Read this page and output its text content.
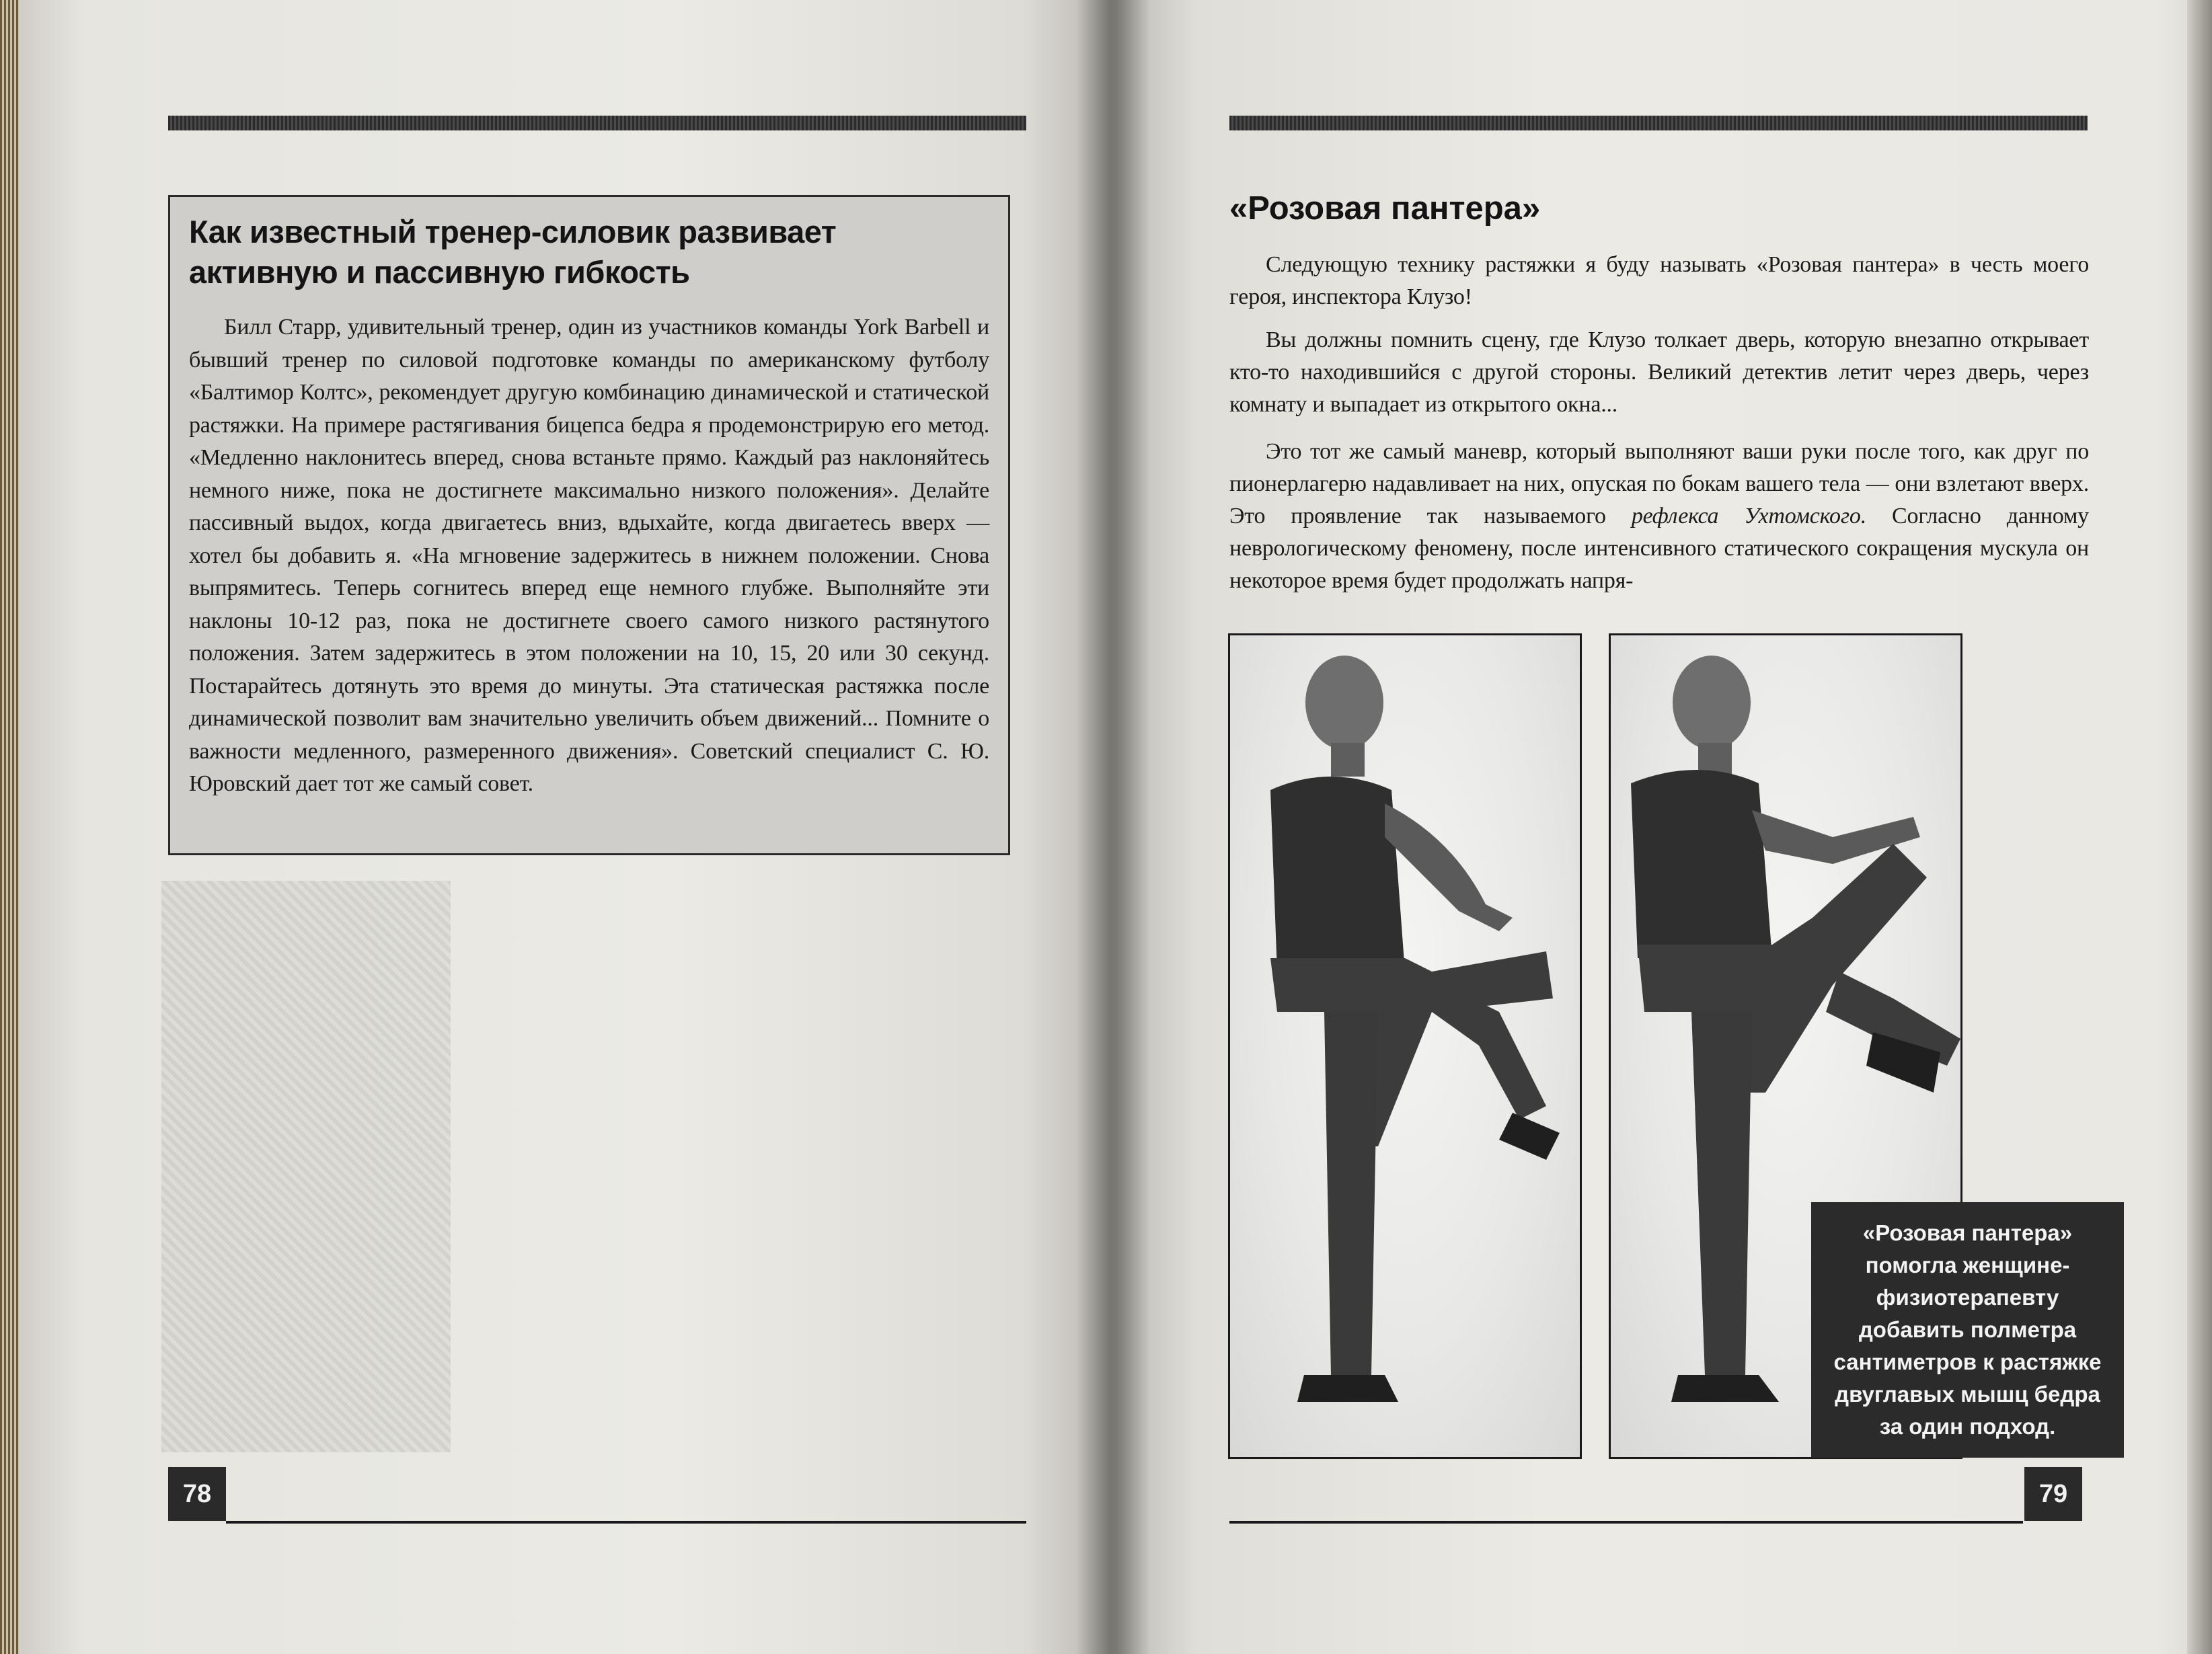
Как известный тренер-силовик развивает активную и пассивную гибкость

Билл Старр, удивительный тренер, один из участников команды York Barbell и бывший тренер по силовой подготовке команды по американскому футболу «Балтимор Колтс», рекомендует другую комбинацию динамической и статической растяжки. На примере растягивания бицепса бедра я продемонстрирую его метод. «Медленно наклонитесь вперед, снова встаньте прямо. Каждый раз наклоняйтесь немного ниже, пока не достигнете максимально низкого положения». Делайте пассивный выдох, когда двигаетесь вниз, вдыхайте, когда двигаетесь вверх — хотел бы добавить я. «На мгновение задержитесь в нижнем положении. Снова выпрямитесь. Теперь согнитесь вперед еще немного глубже. Выполняйте эти наклоны 10-12 раз, пока не достигнете своего самого низкого растянутого положения. Затем задержитесь в этом положении на 10, 15, 20 или 30 секунд. Постарайтесь дотянуть это время до минуты. Эта статическая растяжка после динамической позволит вам значительно увеличить объем движений... Помните о важности медленного, размеренного движения». Советский специалист С. Ю. Юровский дает тот же самый совет.

78
«Розовая пантера»

Следующую технику растяжки я буду называть «Розовая пантера» в честь моего героя, инспектора Клузо!

Вы должны помнить сцену, где Клузо толкает дверь, которую внезапно открывает кто-то находившийся с другой стороны. Великий детектив летит через дверь, через комнату и выпадает из открытого окна...

Это тот же самый маневр, который выполняют ваши руки после того, как друг по пионерлагерю надавливает на них, опуская по бокам вашего тела — они взлетают вверх. Это проявление так называемого рефлекса Ухтомского. Согласно данному неврологическому феномену, после интенсивного статического сокращения мускула он некоторое время будет продолжать напря-

«Розовая пантера» помогла женщине-физиотерапевту добавить полметра сантиметров к растяжке двуглавых мышц бедра за один подход.
79
